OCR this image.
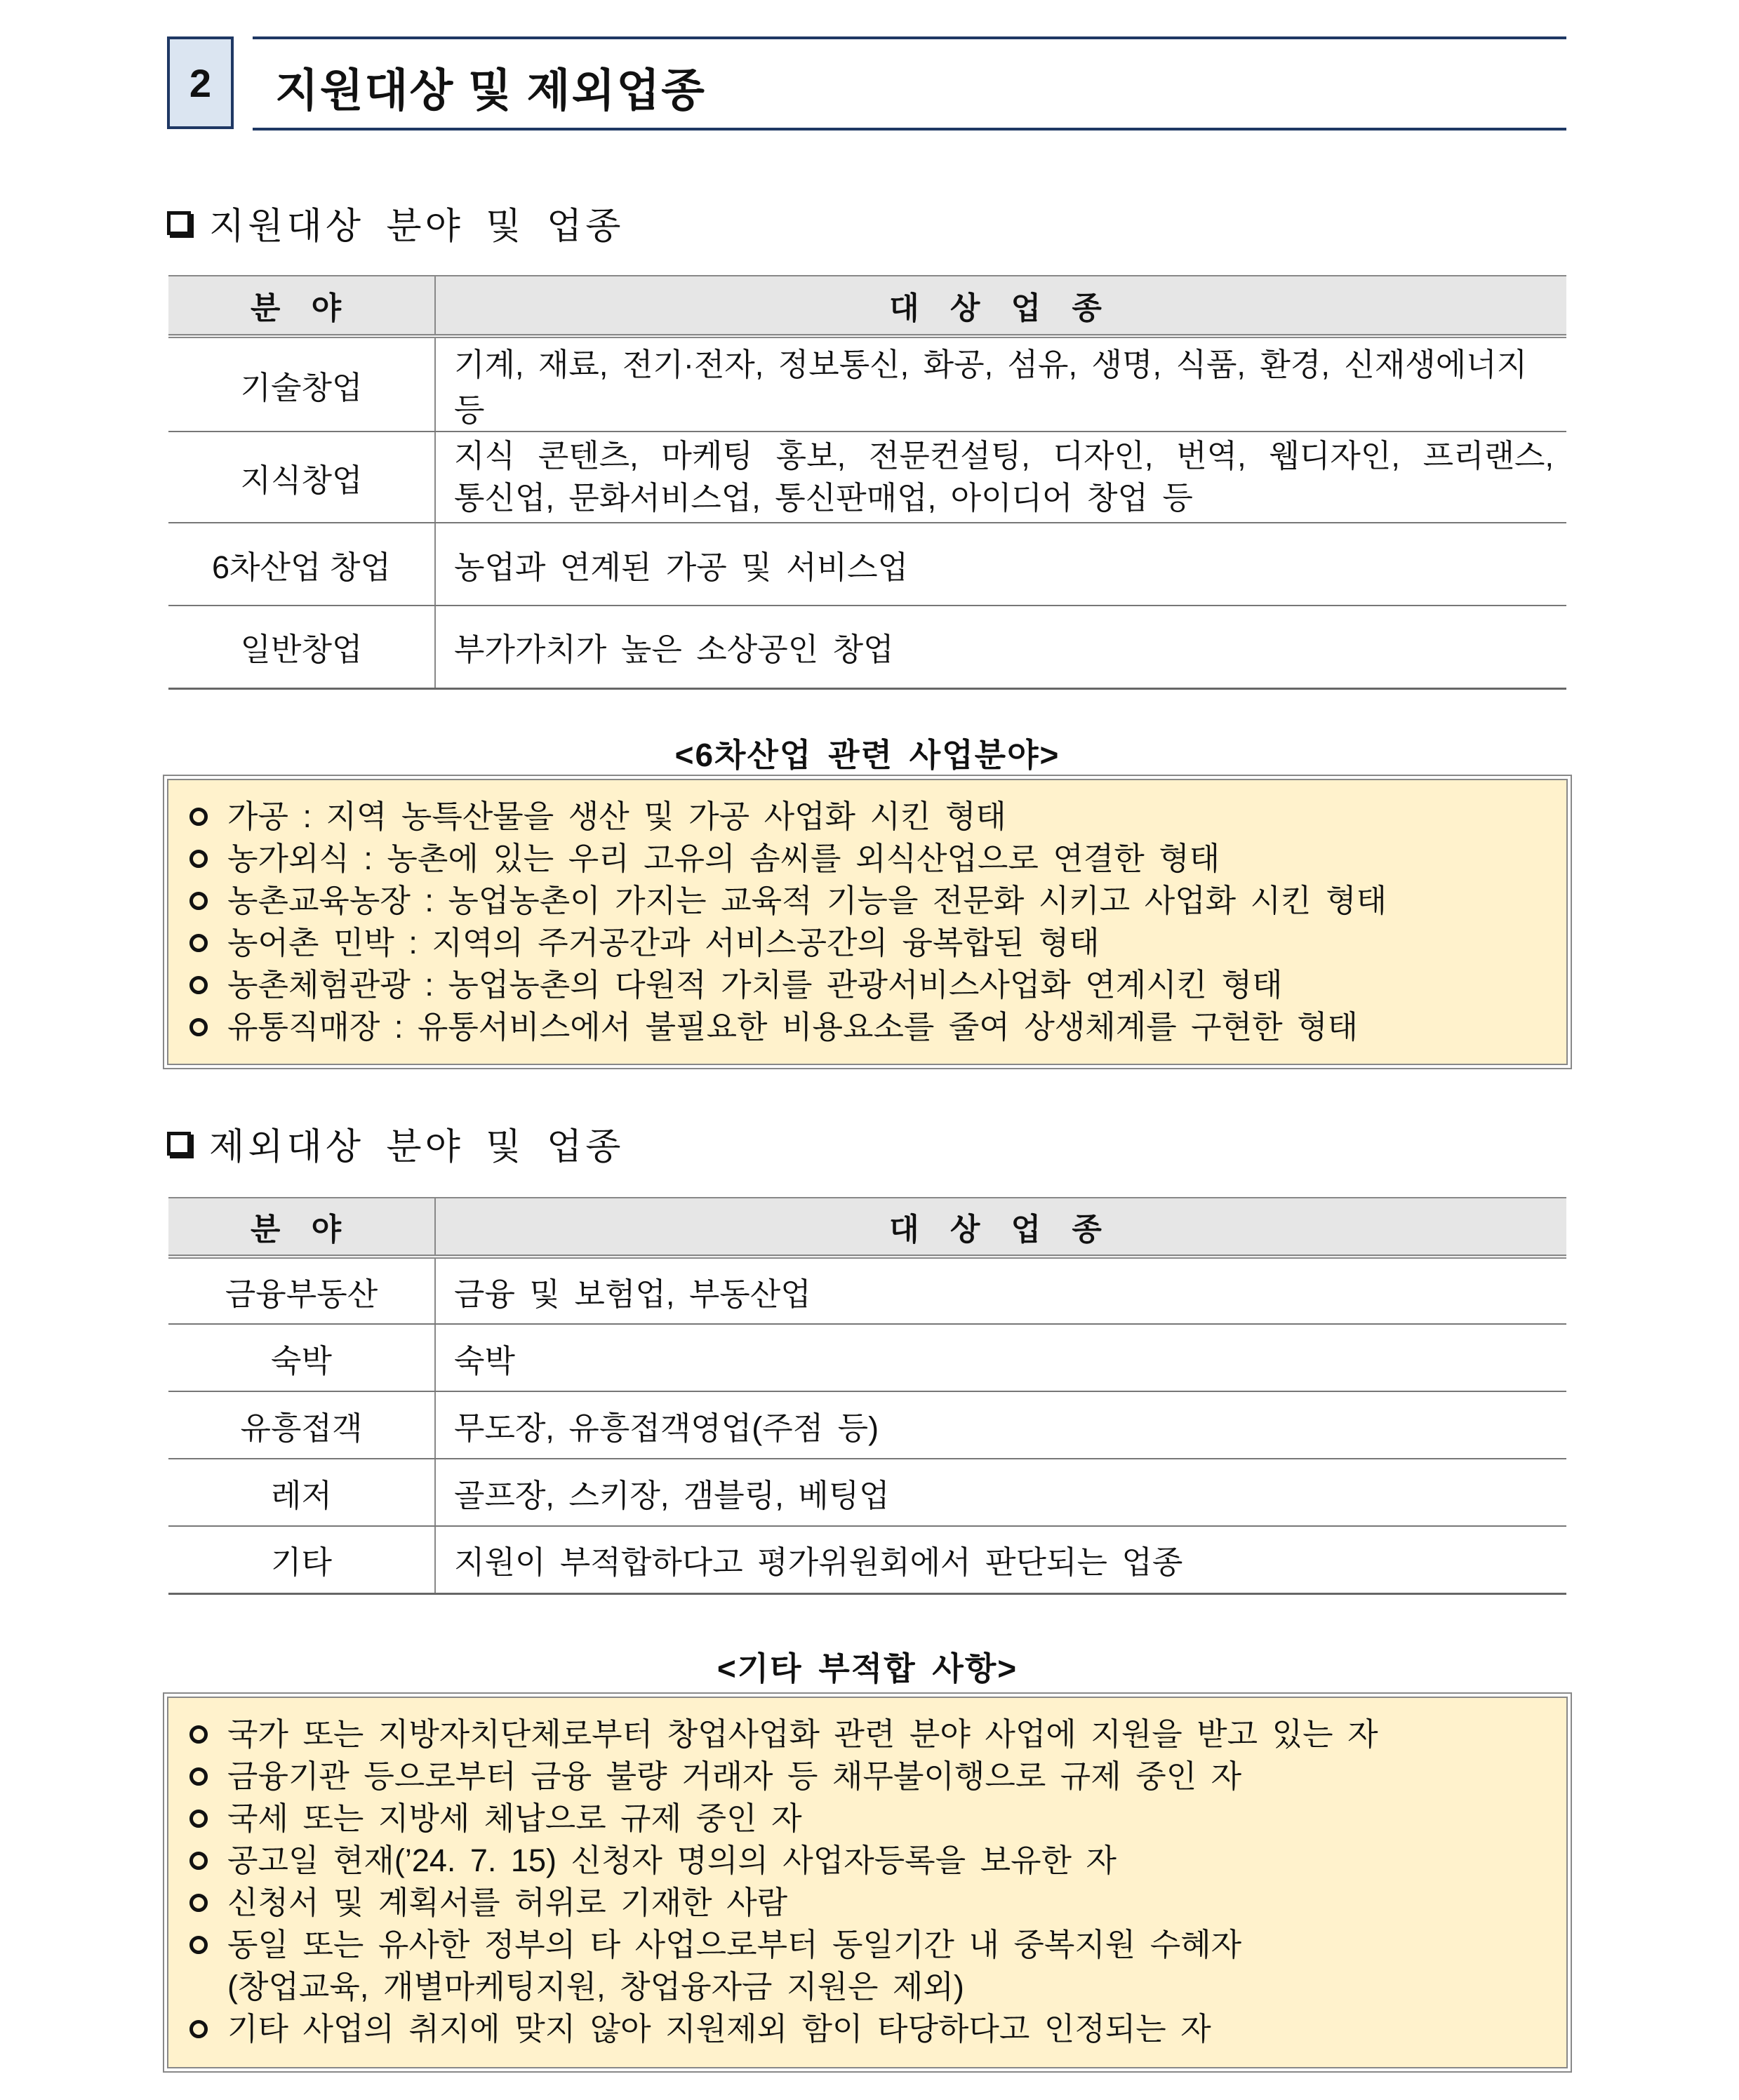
2	지원대상 및 제외업종
지원대상 분야 및 업종
분 야	대 상 업 종
기술창업	기계, 재료, 전기·전자, 정보통신, 화공, 섬유, 생명, 식품, 환경, 신재생에너지 등
지식창업	지식 콘텐츠, 마케팅 홍보, 전문컨설팅, 디자인, 번역, 웹디자인, 프리랜스,
통신업, 문화서비스업, 통신판매업, 아이디어 창업 등

6차산업 창업	농업과 연계된 가공 및 서비스업
일반창업	부가가치가 높은 소상공인 창업
<6차산업 관련 사업분야>
가공 : 지역 농특산물을 생산 및 가공 사업화 시킨 형태
농가외식 : 농촌에 있는 우리 고유의 솜씨를 외식산업으로 연결한 형태
농촌교육농장 : 농업농촌이 가지는 교육적 기능을 전문화 시키고 사업화 시킨 형태
농어촌 민박 : 지역의 주거공간과 서비스공간의 융복합된 형태
농촌체험관광 : 농업농촌의 다원적 가치를 관광서비스사업화 연계시킨 형태
유통직매장 : 유통서비스에서 불필요한 비용요소를 줄여 상생체계를 구현한 형태
제외대상 분야 및 업종
분 야	대 상 업 종
금융부동산	금융 및 보험업, 부동산업
숙박	숙박
유흥접객	무도장, 유흥접객영업(주점 등)
레저	골프장, 스키장, 갬블링, 베팅업
기타	지원이 부적합하다고 평가위원회에서 판단되는 업종
<기타 부적합 사항>
국가 또는 지방자치단체로부터 창업사업화 관련 분야 사업에 지원을 받고 있는 자
금융기관 등으로부터 금융 불량 거래자 등 채무불이행으로 규제 중인 자
국세 또는 지방세 체납으로 규제 중인 자
공고일 현재(’24. 7. 15) 신청자 명의의 사업자등록을 보유한 자
신청서 및 계획서를 허위로 기재한 사람
동일 또는 유사한 정부의 타 사업으로부터 동일기간 내 중복지원 수혜자
(창업교육, 개별마케팅지원, 창업융자금 지원은 제외)
기타 사업의 취지에 맞지 않아 지원제외 함이 타당하다고 인정되는 자
